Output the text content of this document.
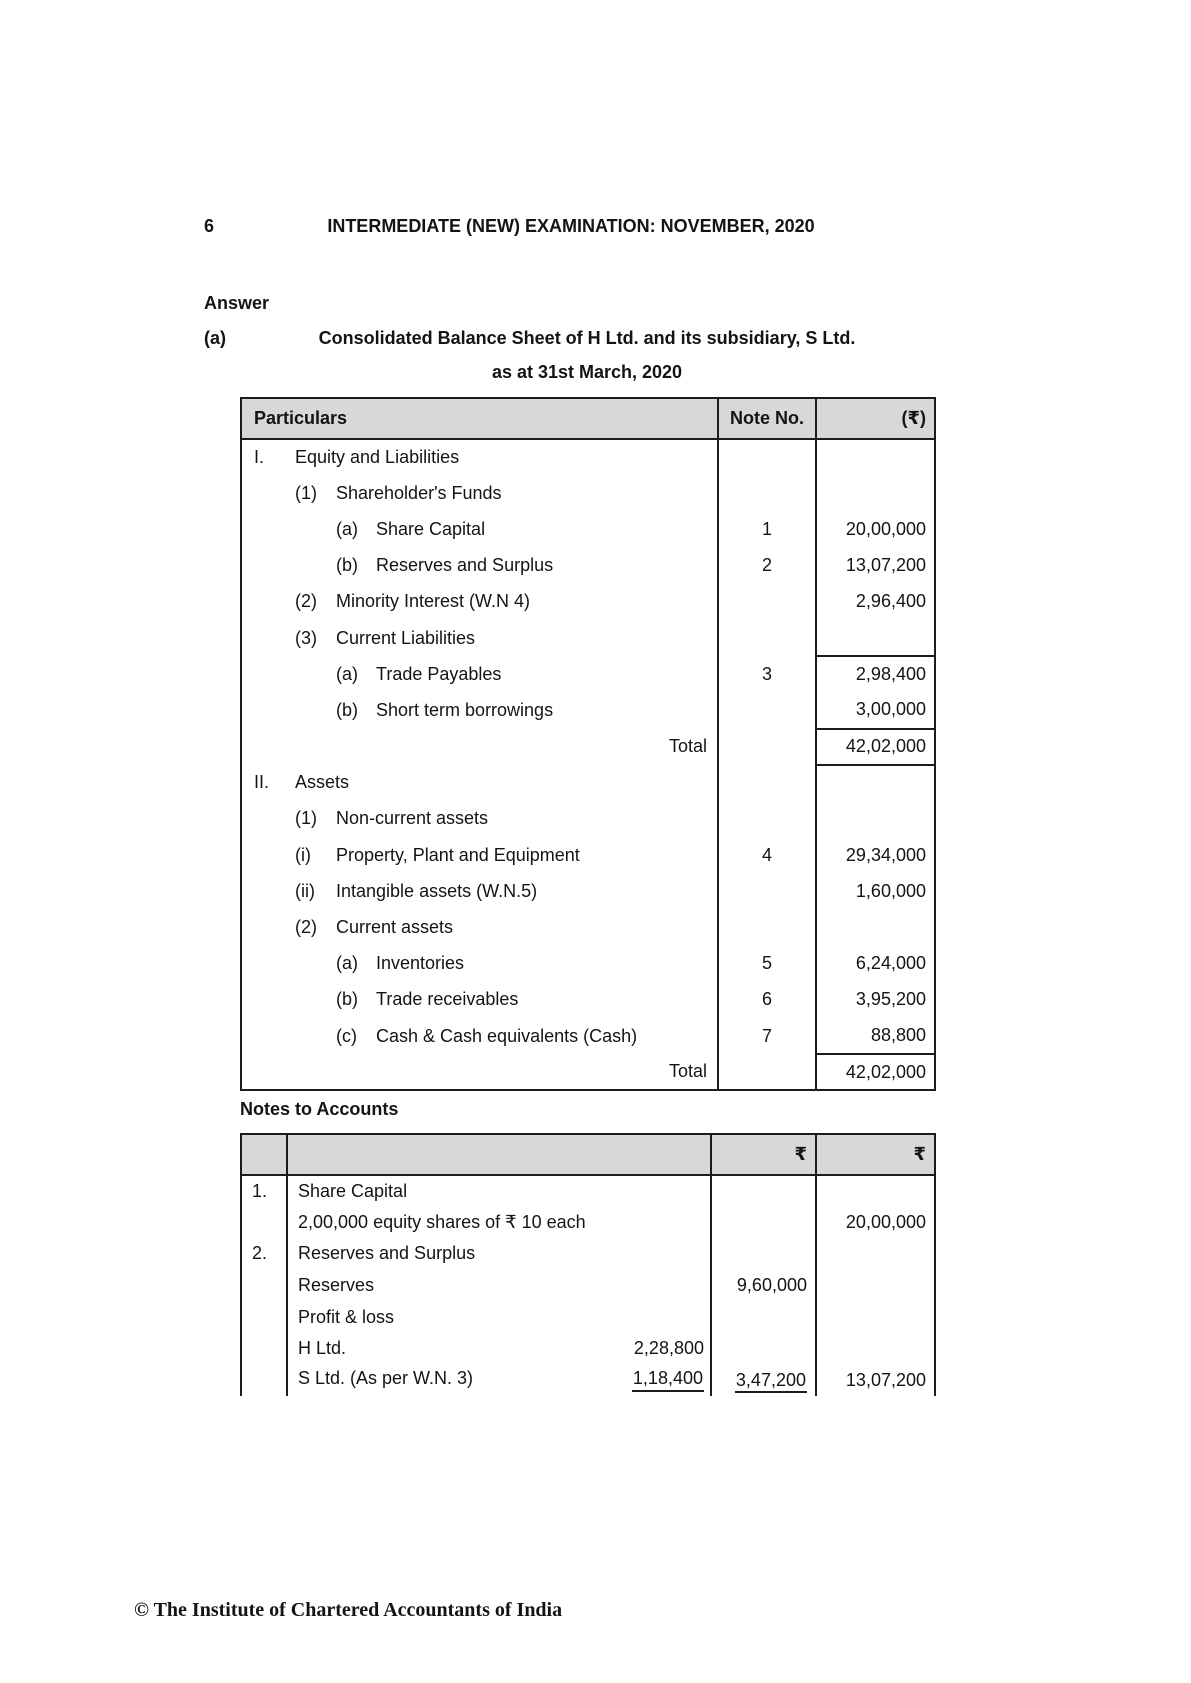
6	INTERMEDIATE (NEW) EXAMINATION: NOVEMBER, 2020
Answer
(a)	Consolidated Balance Sheet of H Ltd. and its subsidiary, S Ltd.
as at 31st March, 2020
Particulars	Note No.	(₹)

I. Equity and Liabilities		

(1) Shareholder's Funds		

(a) Share Capital	1	20,00,000

(b) Reserves and Surplus	2	13,07,200

(2) Minority Interest (W.N 4)		2,96,400

(3) Current Liabilities		

(a) Trade Payables	3	2,98,400

(b) Short term borrowings		3,00,000
Total		42,02,000

II. Assets		

(1) Non-current assets		

(i) Property, Plant and Equipment	4	29,34,000

(ii) Intangible assets (W.N.5)		1,60,000

(2) Current assets		

(a) Inventories	5	6,24,000

(b) Trade receivables	6	3,95,200

(c) Cash & Cash equivalents (Cash)	7	88,800
Total		42,02,000
Notes to Accounts
		₹	₹
1.	Share Capital		

	2,00,000 equity shares of ₹ 10 each		20,00,000
2.	Reserves and Surplus		

	Reserves	9,60,000	

	Profit & loss		

	H Ltd. 2,28,800		

	S Ltd. (As per W.N. 3) 1,18,400	3,47,200	13,07,200
© The Institute of Chartered Accountants of India
